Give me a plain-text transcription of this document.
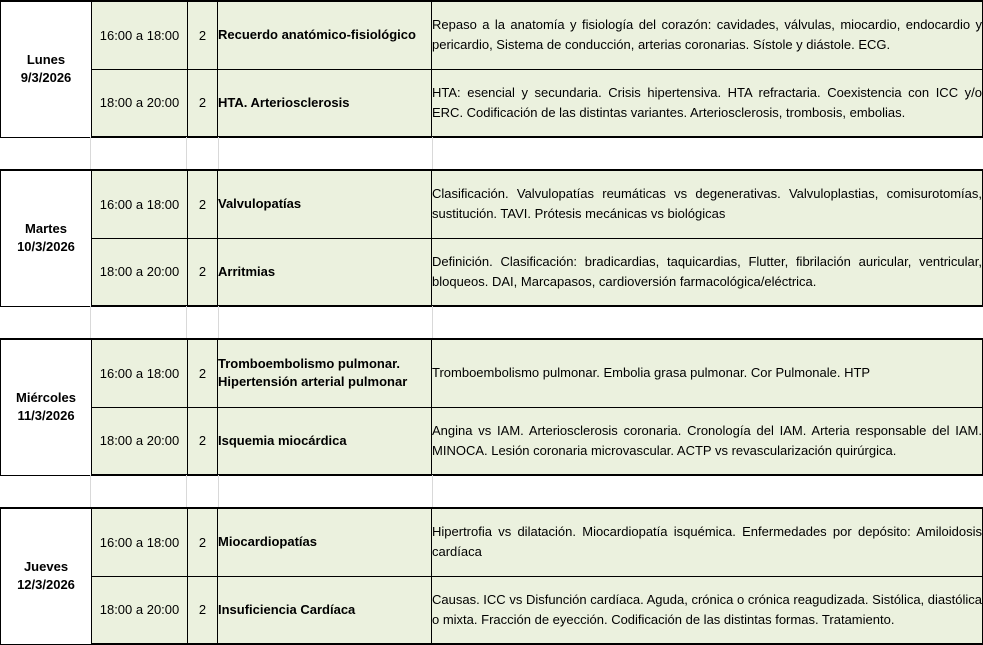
Lunes
9/3/2026	16:00 a 18:00	2	Recuerdo anatómico-fisiológico	Repaso a la anatomía y fisiología del corazón: cavidades, válvulas, miocardio, endocardio y pericardio, Sistema de conducción, arterias coronarias. Sístole y diástole. ECG.
	18:00 a 20:00	2	HTA. Arteriosclerosis	HTA: esencial y secundaria. Crisis hipertensiva. HTA refractaria. Coexistencia con ICC y/o ERC. Codificación de las distintas variantes. Arteriosclerosis, trombosis, embolias.
Martes
10/3/2026	16:00 a 18:00	2	Valvulopatías	Clasificación. Valvulopatías reumáticas vs degenerativas. Valvuloplastias, comisurotomías, sustitución. TAVI. Prótesis mecánicas vs biológicas
	18:00 a 20:00	2	Arritmias	Definición. Clasificación: bradicardias, taquicardias, Flutter, fibrilación auricular, ventricular, bloqueos. DAI, Marcapasos, cardioversión farmacológica/eléctrica.
Miércoles
11/3/2026	16:00 a 18:00	2	Tromboembolismo pulmonar. Hipertensión arterial pulmonar	Tromboembolismo pulmonar. Embolia grasa pulmonar. Cor Pulmonale. HTP
	18:00 a 20:00	2	Isquemia miocárdica	Angina vs IAM. Arteriosclerosis coronaria. Cronología del IAM. Arteria responsable del IAM. MINOCA. Lesión coronaria microvascular. ACTP vs revascularización quirúrgica.
Jueves
12/3/2026	16:00 a 18:00	2	Miocardiopatías	Hipertrofia vs dilatación. Miocardiopatía isquémica. Enfermedades por depósito: Amiloidosis cardíaca
	18:00 a 20:00	2	Insuficiencia Cardíaca	Causas. ICC vs Disfunción cardíaca. Aguda, crónica o crónica reagudizada. Sistólica, diastólica o mixta. Fracción de eyección. Codificación de las distintas formas. Tratamiento.
